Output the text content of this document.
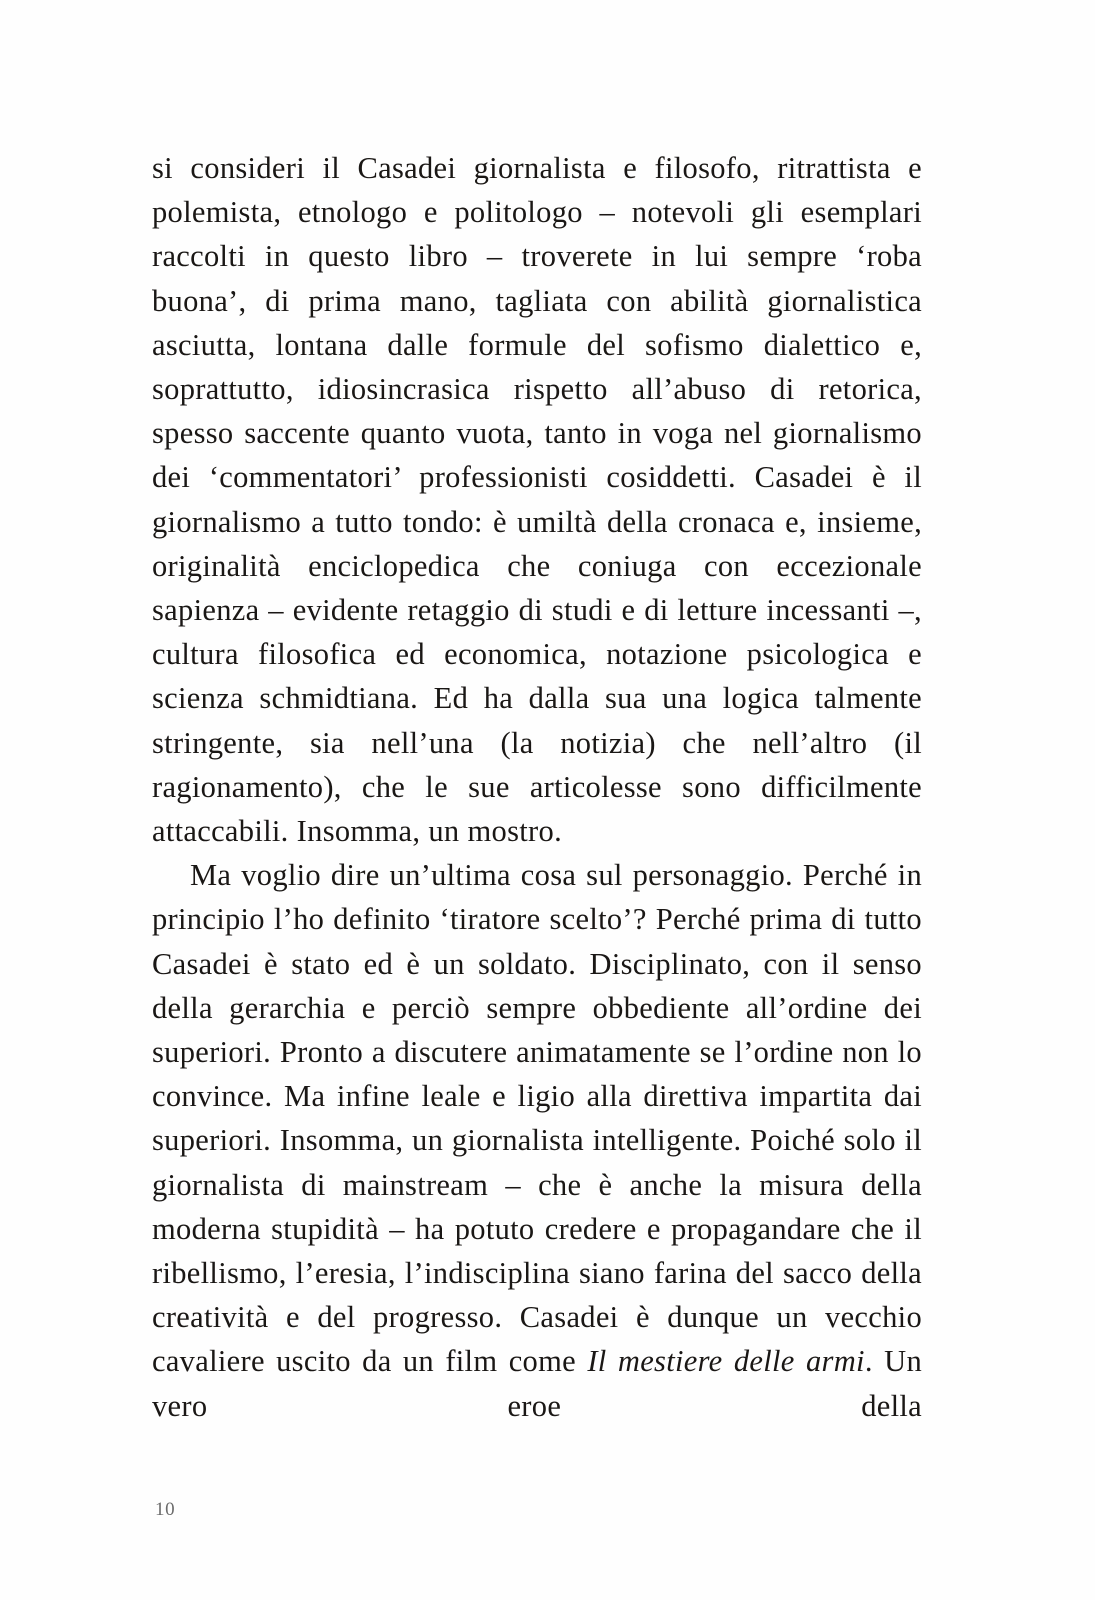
si consideri il Casadei giornalista e filosofo, ritrattista e polemista, etnologo e politologo – notevoli gli esemplari raccolti in questo libro – troverete in lui sempre ‘roba buona’, di prima mano, tagliata con abilità giornalistica asciutta, lontana dalle formule del sofismo dialettico e, soprattutto, idiosincrasica rispetto all’abuso di retorica, spesso saccente quanto vuota, tanto in voga nel giornalismo dei ‘commentatori’ professionisti cosiddetti. Casadei è il giornalismo a tutto tondo: è umiltà della cronaca e, insieme, originalità enciclopedica che coniuga con eccezionale sapienza – evidente retaggio di studi e di letture incessanti –, cultura filosofica ed economica, notazione psicologica e scienza schmidtiana. Ed ha dalla sua una logica talmente stringente, sia nell’una (la notizia) che nell’altro (il ragionamento), che le sue articolesse sono difficilmente attaccabili. Insomma, un mostro.

Ma voglio dire un’ultima cosa sul personaggio. Perché in principio l’ho definito ‘tiratore scelto’? Perché prima di tutto Casadei è stato ed è un soldato. Disciplinato, con il senso della gerarchia e perciò sempre obbediente all’ordine dei superiori. Pronto a discutere animatamente se l’ordine non lo convince. Ma infine leale e ligio alla direttiva impartita dai superiori. Insomma, un giornalista intelligente. Poiché solo il giornalista di mainstream – che è anche la misura della moderna stupidità – ha potuto credere e propagandare che il ribellismo, l’eresia, l’indisciplina siano farina del sacco della creatività e del progresso. Casadei è dunque un vecchio cavaliere uscito da un film come Il mestiere delle armi. Un vero eroe della

10
